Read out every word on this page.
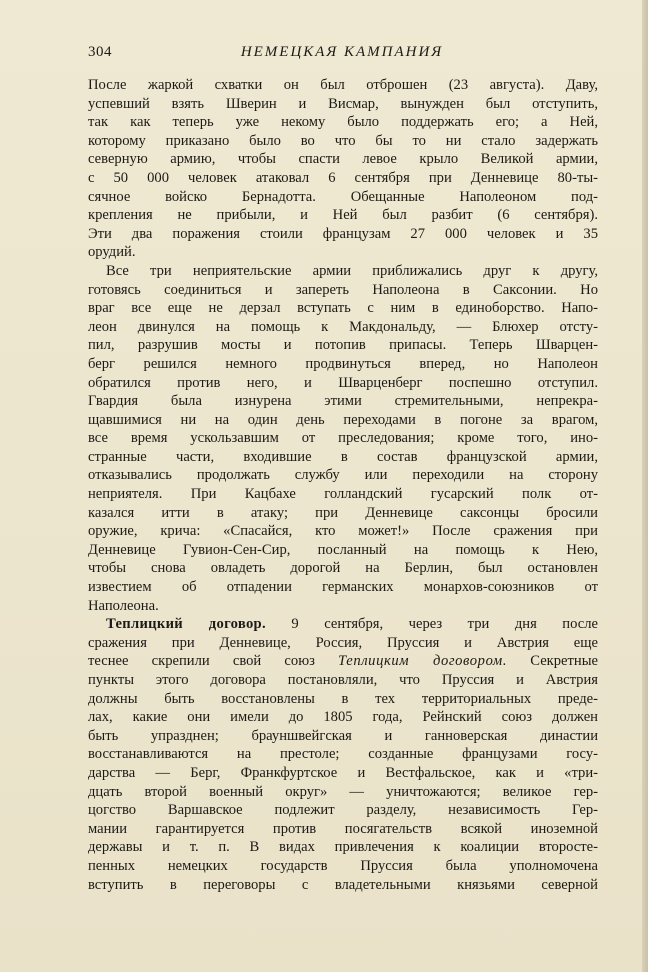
304	НЕМЕЦКАЯ КАМПАНИЯ
После жаркой схватки он был отброшен (23 августа). Даву,
успевший взять Шверин и Висмар, вынужден был отступить,
так как теперь уже некому было поддержать его; а Ней,
которому приказано было во что бы то ни стало задержать
северную армию, чтобы спасти левое крыло Великой армии,
с 50 000 человек атаковал 6 сентября при Денневице 80-ты-
сячное войско Бернадотта. Обещанные Наполеоном под-
крепления не прибыли, и Ней был разбит (6 сентября).
Эти два поражения стоили французам 27 000 человек и 35
орудий.
Все три неприятельские армии приближались друг к другу,
готовясь соединиться и запереть Наполеона в Саксонии. Но
враг все еще не дерзал вступать с ним в единоборство. Напо-
леон двинулся на помощь к Макдональду, — Блюхер отсту-
пил, разрушив мосты и потопив припасы. Теперь Шварцен-
берг решился немного продвинуться вперед, но Наполеон
обратился против него, и Шварценберг поспешно отступил.
Гвардия была изнурена этими стремительными, непрекра-
щавшимися ни на один день переходами в погоне за врагом,
все время ускользавшим от преследования; кроме того, ино-
странные части, входившие в состав французской армии,
отказывались продолжать службу или переходили на сторону
неприятеля. При Кацбахе голландский гусарский полк от-
казался итти в атаку; при Денневице саксонцы бросили
оружие, крича: «Спасайся, кто может!» После сражения при
Денневице Гувион-Сен-Сир, посланный на помощь к Нею,
чтобы снова овладеть дорогой на Берлин, был остановлен
известием об отпадении германских монархов-союзников от
Наполеона.
Теплицкий договор. 9 сентября, через три дня после
сражения при Денневице, Россия, Пруссия и Австрия еще
теснее скрепили свой союз Теплицким договором. Секретные
пункты этого договора постановляли, что Пруссия и Австрия
должны быть восстановлены в тех территориальных преде-
лах, какие они имели до 1805 года, Рейнский союз должен
быть упразднен; брауншвейгская и ганноверская династии
восстанавливаются на престоле; созданные французами госу-
дарства — Берг, Франкфуртское и Вестфальское, как и «три-
дцать второй военный округ» — уничтожаются; великое гер-
цогство Варшавское подлежит разделу, независимость Гер-
мании гарантируется против посягательств всякой иноземной
державы и т. п. В видах привлечения к коалиции второсте-
пенных немецких государств Пруссия была уполномочена
вступить в переговоры с владетельными князьями северной
